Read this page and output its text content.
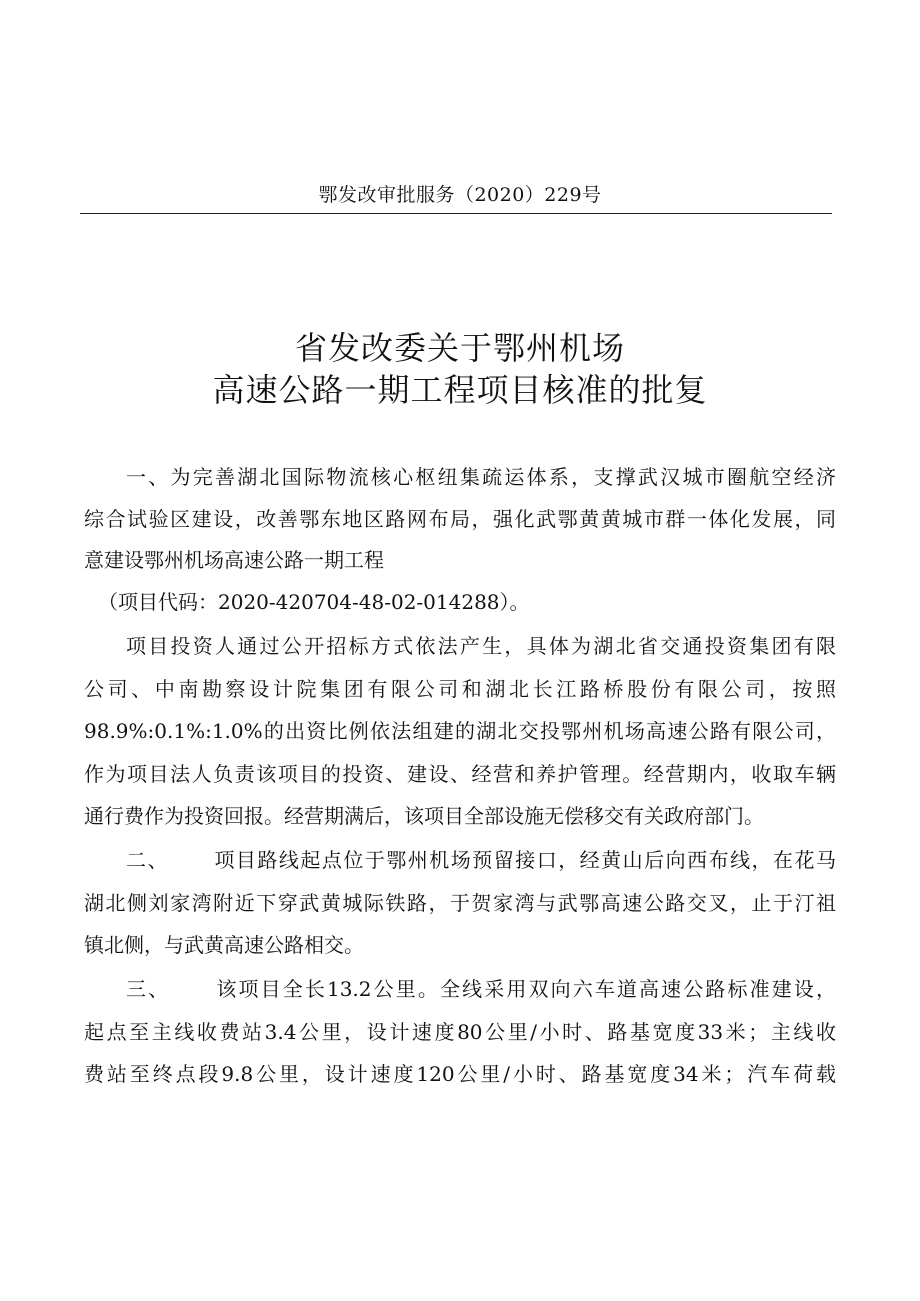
鄂发改审批服务（2020）229号
省发改委关于鄂州机场
高速公路一期工程项目核准的批复
一、为完善湖北国际物流核心枢纽集疏运体系，支撑武汉城市圈航空经济
综合试验区建设，改善鄂东地区路网布局，强化武鄂黄黄城市群一体化发展，同
意建设鄂州机场高速公路一期工程
（项目代码：2020-420704-48-02-014288）。
项目投资人通过公开招标方式依法产生，具体为湖北省交通投资集团有限
公司、中南勘察设计院集团有限公司和湖北长江路桥股份有限公司，按照
98.9%:0.1%:1.0%的出资比例依法组建的湖北交投鄂州机场高速公路有限公司，
作为项目法人负责该项目的投资、建设、经营和养护管理。经营期内，收取车辆
通行费作为投资回报。经营期满后，该项目全部设施无偿移交有关政府部门。
二、 项目路线起点位于鄂州机场预留接口，经黄山后向西布线，在花马
湖北侧刘家湾附近下穿武黄城际铁路，于贺家湾与武鄂高速公路交叉，止于汀祖
镇北侧，与武黄高速公路相交。
三、 该项目全长13.2公里。全线采用双向六车道高速公路标准建设，
起点至主线收费站3.4公里，设计速度80公里/小时、路基宽度33米；主线收
费站至终点段9.8公里，设计速度120公里/小时、路基宽度34米；汽车荷载
